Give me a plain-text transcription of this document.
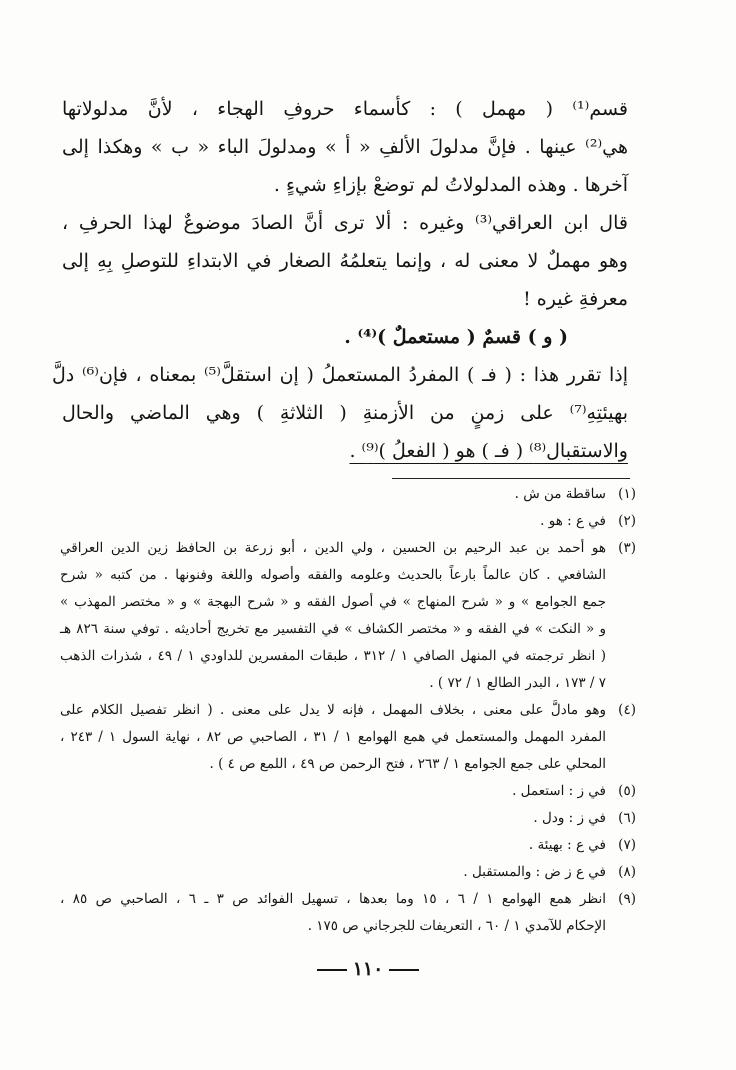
قسم⁽¹⁾ ( مهمل ) : كأسماء حروفِ الهجاء ، لأنَّ مدلولاتها
هي⁽²⁾ عينها . فإنَّ مدلولَ الألفِ « أ » ومدلولَ الباء « ب » وهكذا إلى
آخرها . وهذه المدلولاتُ لم توضعْ بإزاءِ شيءٍ .
قال ابن العراقي⁽³⁾ وغيره : ألا ترى أنَّ الصادَ موضوعٌ لهذا الحرفِ ،
وهو مهملٌ لا معنى له ، وإنما يتعلمُهُ الصغار في الابتداءِ للتوصلِ بِهِ إلى
معرفةِ غيره !
( و ) قسمٌ ( مستعملٌ )⁽⁴⁾ .
إذا تقرر هذا : ( فـ ) المفردُ المستعملُ ( إن استقلَّ⁽⁵⁾ بمعناه ، فإن⁽⁶⁾ دلَّ
بهيئتِهِ⁽⁷⁾ على زمنٍ من الأزمنةِ ( الثلاثةِ ) وهي الماضي والحال
والاستقبال⁽⁸⁾ ( فـ ) هو ( الفعلُ )⁽⁹⁾ .
(١)
ساقطة من ش .
(٢)
في ع : هو .
(٣)
هو أحمد بن عبد الرحيم بن الحسين ، ولي الدين ، أبو زرعة بن الحافظ زين الدين العراقي
الشافعي . كان عالماً بارعاً بالحديث وعلومه والفقه وأصوله واللغة وفنونها . من كتبه « شرح
جمع الجوامع » و « شرح المنهاج » في أصول الفقه و « شرح البهجة » و « مختصر المهذب »
و « النكت » في الفقه و « مختصر الكشاف » في التفسير مع تخريج أحاديثه . توفي سنة ٨٢٦ هـ
( انظر ترجمته في المنهل الصافي ١ / ٣١٢ ، طبقات المفسرين للداودي ١ / ٤٩ ، شذرات الذهب
٧ / ١٧٣ ، البدر الطالع ١ / ٧٢ ) .
(٤)
وهو مادلَّ على معنى ، بخلاف المهمل ، فإنه لا يدل على معنى . ( انظر تفصيل الكلام على
المفرد المهمل والمستعمل في همع الهوامع ١ / ٣١ ، الصاحبي ص ٨٢ ، نهاية السول ١ / ٢٤٣ ،
المحلي على جمع الجوامع ١ / ٢٦٣ ، فتح الرحمن ص ٤٩ ، اللمع ص ٤ ) .
(٥)
في ز : استعمل .
(٦)
في ز : ودل .
(٧)
في ع : بهيئة .
(٨)
في ع ز ض : والمستقبل .
(٩)
انظر همع الهوامع ١ / ٦ ، ١٥ وما بعدها ، تسهيل الفوائد ص ٣ ـ ٦ ، الصاحبي ص ٨٥ ،
الإحكام للآمدي ١ / ٦٠ ، التعريفات للجرجاني ص ١٧٥ .
١١٠
